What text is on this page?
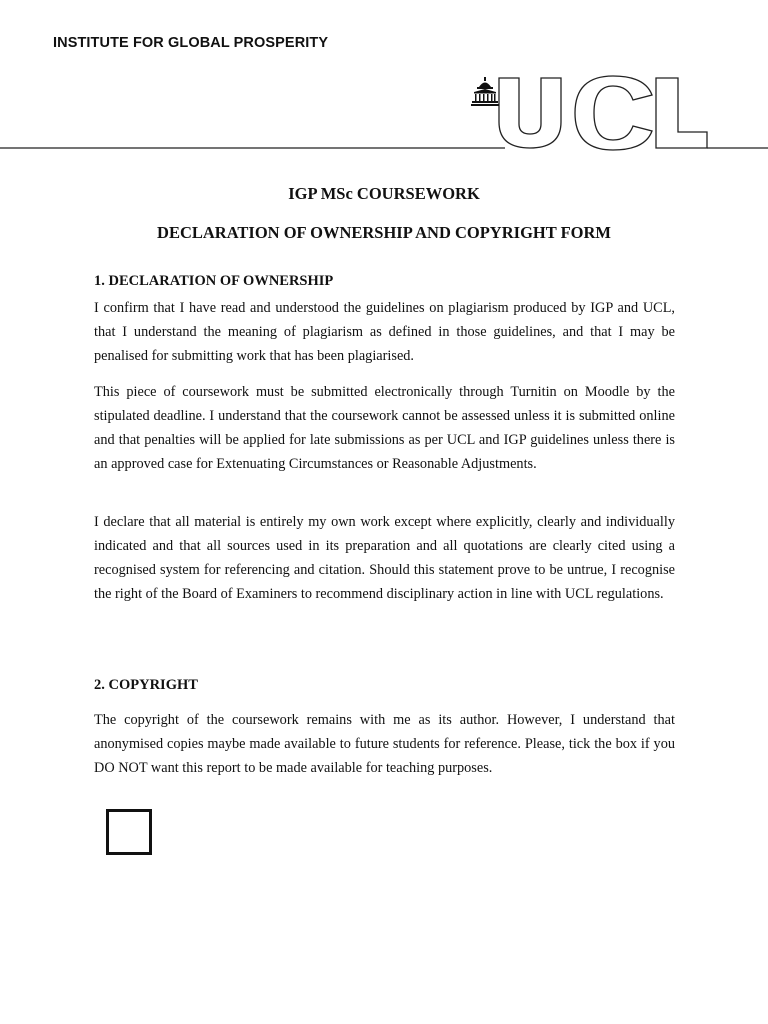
INSTITUTE FOR GLOBAL PROSPERITY
IGP MSc COURSEWORK
DECLARATION OF OWNERSHIP AND COPYRIGHT FORM
1. DECLARATION OF OWNERSHIP
I confirm that I have read and understood the guidelines on plagiarism produced by IGP and UCL, that I understand the meaning of plagiarism as defined in those guidelines, and that I may be penalised for submitting work that has been plagiarised.
This piece of coursework must be submitted electronically through Turnitin on Moodle by the stipulated deadline. I understand that the coursework cannot be assessed unless it is submitted online and that penalties will be applied for late submissions as per UCL and IGP guidelines unless there is an approved case for Extenuating Circumstances or Reasonable Adjustments.
I declare that all material is entirely my own work except where explicitly, clearly and individually indicated and that all sources used in its preparation and all quotations are clearly cited using a recognised system for referencing and citation. Should this statement prove to be untrue, I recognise the right of the Board of Examiners to recommend disciplinary action in line with UCL regulations.
2. COPYRIGHT
The copyright of the coursework remains with me as its author. However, I understand that anonymised copies maybe made available to future students for reference. Please, tick the box if you DO NOT want this report to be made available for teaching purposes.
